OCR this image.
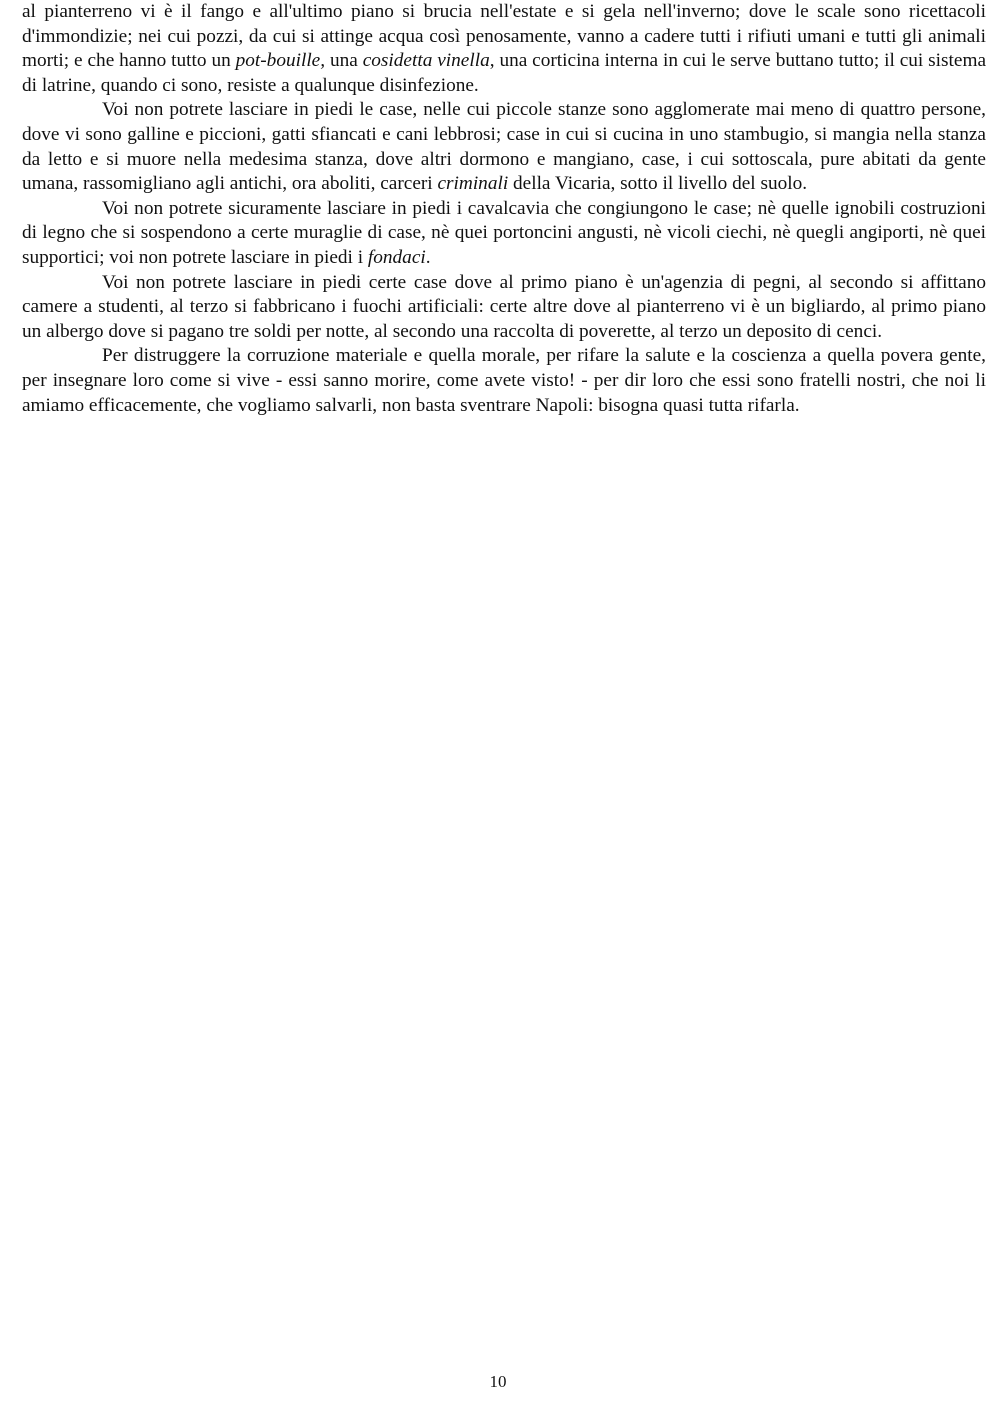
al pianterreno vi è il fango e all'ultimo piano si brucia nell'estate e si gela nell'inverno; dove le scale sono ricettacoli d'immondizie; nei cui pozzi, da cui si attinge acqua così penosamente, vanno a cadere tutti i rifiuti umani e tutti gli animali morti; e che hanno tutto un pot-bouille, una cosidetta vinella, una corticina interna in cui le serve buttano tutto; il cui sistema di latrine, quando ci sono, resiste a qualunque disinfezione.

Voi non potrete lasciare in piedi le case, nelle cui piccole stanze sono agglomerate mai meno di quattro persone, dove vi sono galline e piccioni, gatti sfiancati e cani lebbrosi; case in cui si cucina in uno stambugio, si mangia nella stanza da letto e si muore nella medesima stanza, dove altri dormono e mangiano, case, i cui sottoscala, pure abitati da gente umana, rassomigliano agli antichi, ora aboliti, carceri criminali della Vicaria, sotto il livello del suolo.

Voi non potrete sicuramente lasciare in piedi i cavalcavia che congiungono le case; nè quelle ignobili costruzioni di legno che si sospendono a certe muraglie di case, nè quei portoncini angusti, nè vicoli ciechi, nè quegli angiporti, nè quei supportici; voi non potrete lasciare in piedi i fondaci.

Voi non potrete lasciare in piedi certe case dove al primo piano è un'agenzia di pegni, al secondo si affittano camere a studenti, al terzo si fabbricano i fuochi artificiali: certe altre dove al pianterreno vi è un bigliardo, al primo piano un albergo dove si pagano tre soldi per notte, al secondo una raccolta di poverette, al terzo un deposito di cenci.

Per distruggere la corruzione materiale e quella morale, per rifare la salute e la coscienza a quella povera gente, per insegnare loro come si vive - essi sanno morire, come avete visto! - per dir loro che essi sono fratelli nostri, che noi li amiamo efficacemente, che vogliamo salvarli, non basta sventrare Napoli: bisogna quasi tutta rifarla.

10
